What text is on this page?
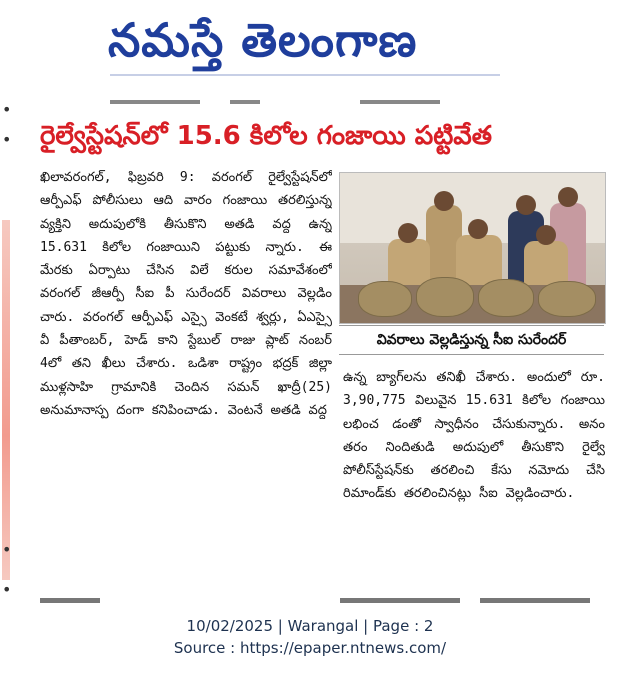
నమస్తే తెలంగాణ
•
•
•
•
రైల్వేస్టేషన్‌లో 15.6 కిలోల గంజాయి పట్టివేత
ఖిలావరంగల్, ఫిబ్రవరి 9: వరంగల్ రైల్వేస్టేషన్‌లో ఆర్పీఎఫ్ పోలీసులు ఆది వారం గంజాయి తరలిస్తున్న వ్యక్తిని అదుపులోకి తీసుకొని అతడి వద్ద ఉన్న 15.631 కిలోల గంజాయిని పట్టుకు న్నారు. ఈ మేరకు ఏర్పాటు చేసిన విలే కరుల సమావేశంలో వరంగల్ జీఆర్పీ సీఐ పీ సురేందర్ వివరాలు వెల్లడిం చారు. వరంగల్ ఆర్పీఎఫ్ ఎస్సై వెంకటే శ్వర్లు, ఏఎస్సై వీ పీతాంబర్, హెడ్ కాని స్టేబుల్ రాజు ప్లాట్ నంబర్ 4లో తని ఖీలు చేశారు. ఒడిశా రాష్ట్రం భద్రక్ జిల్లా ముళ్లసాహి గ్రామానికి చెందిన సమన్ ఖాద్రీ(25) అనుమానాస్ప దంగా కనిపించాడు. వెంటనే అతడి వద్ద
వివరాలు వెల్లడిస్తున్న సీఐ సురేందర్
ఉన్న బ్యాగ్‌లను తనిఖీ చేశారు. అందులో రూ. 3,90,775 విలువైన 15.631 కిలోల గంజాయి లభించ డంతో స్వాధీనం చేసుకున్నారు. అనం తరం నిందితుడి అదుపులో తీసుకొని రైల్వే పోలీస్‌స్టేషన్‌కు తరలించి కేసు నమోదు చేసి రిమాండ్‌కు తరలించినట్లు సీఐ వెల్లడించారు.
10/02/2025 | Warangal | Page : 2
Source : https://epaper.ntnews.com/
